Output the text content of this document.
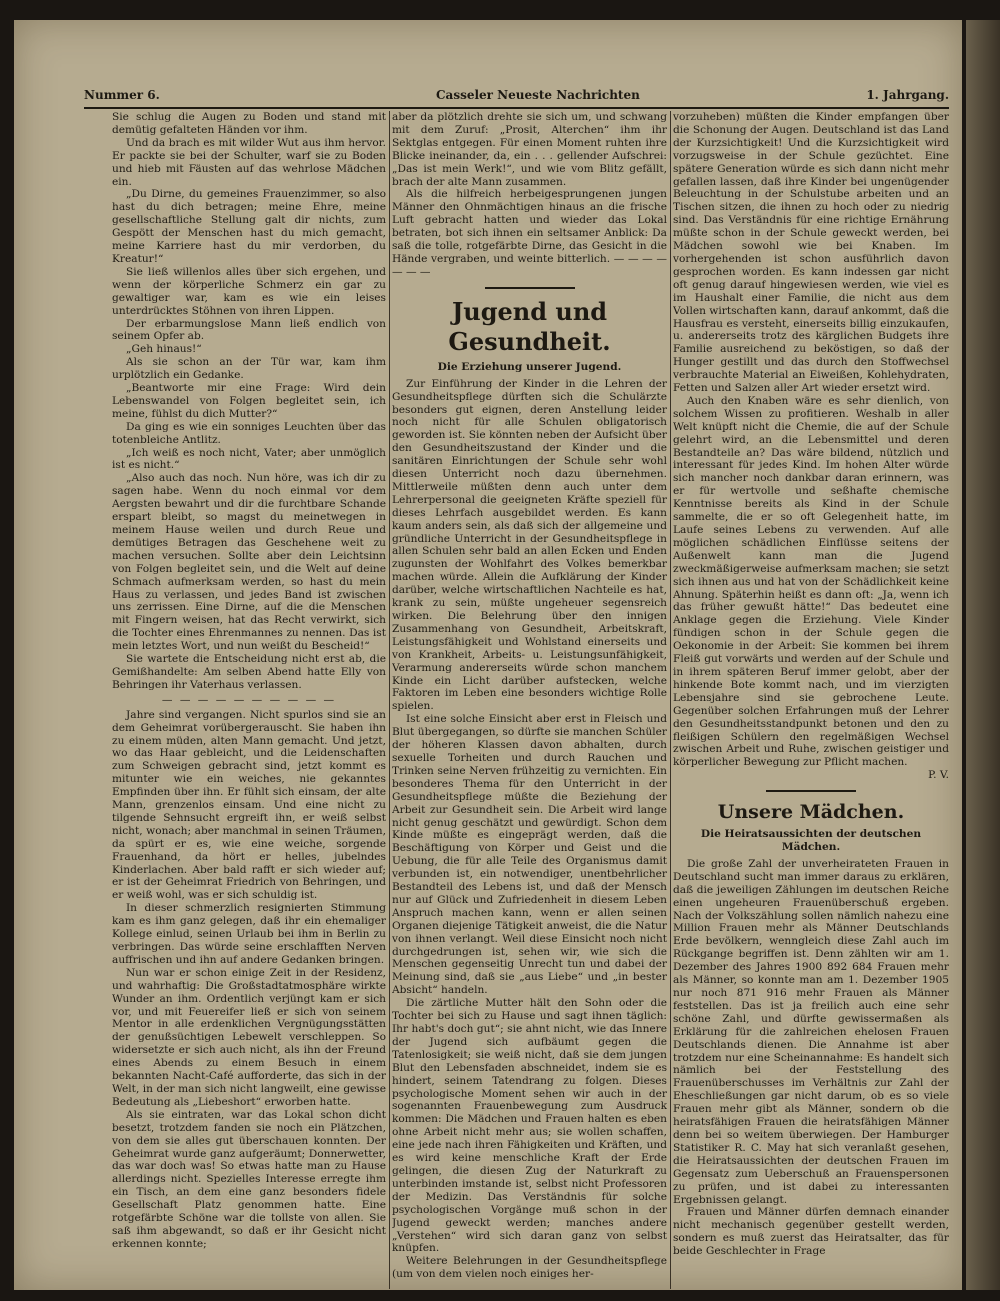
Nummer 6.	Casseler Neueste Nachrichten	1. Jahrgang.

Sie schlug die Augen zu Boden und stand mit demütig gefalteten Händen vor ihm.

Und da brach es mit wilder Wut aus ihm hervor. Er packte sie bei der Schulter, warf sie zu Boden und hieb mit Fäusten auf das wehrlose Mädchen ein.

„Du Dirne, du gemeines Frauenzimmer, so also hast du dich betragen; meine Ehre, meine gesellschaftliche Stellung galt dir nichts, zum Gespött der Menschen hast du mich gemacht, meine Karriere hast du mir verdorben, du Kreatur!“

Sie ließ willenlos alles über sich ergehen, und wenn der körperliche Schmerz ein gar zu gewaltiger war, kam es wie ein leises unterdrücktes Stöhnen von ihren Lippen.

Der erbarmungslose Mann ließ endlich von seinem Opfer ab.

„Geh hinaus!“

Als sie schon an der Tür war, kam ihm urplötzlich ein Gedanke.

„Beantworte mir eine Frage: Wird dein Lebenswandel von Folgen begleitet sein, ich meine, fühlst du dich Mutter?“

Da ging es wie ein sonniges Leuchten über das totenbleiche Antlitz.

„Ich weiß es noch nicht, Vater; aber unmöglich ist es nicht.“

„Also auch das noch. Nun höre, was ich dir zu sagen habe. Wenn du noch einmal vor dem Aergsten bewahrt und dir die furchtbare Schande erspart bleibt, so magst du meinetwegen in meinem Hause weilen und durch Reue und demütiges Betragen das Geschehene weit zu machen versuchen. Sollte aber dein Leichtsinn von Folgen begleitet sein, und die Welt auf deine Schmach aufmerksam werden, so hast du mein Haus zu verlassen, und jedes Band ist zwischen uns zerrissen. Eine Dirne, auf die die Menschen mit Fingern weisen, hat das Recht verwirkt, sich die Tochter eines Ehrenmannes zu nennen. Das ist mein letztes Wort, und nun weißt du Bescheid!“

Sie wartete die Entscheidung nicht erst ab, die Gemißhandelte: Am selben Abend hatte Elly von Behringen ihr Vaterhaus verlassen.

— — — — — — — — — —

Jahre sind vergangen. Nicht spurlos sind sie an dem Geheimrat vorübergerauscht. Sie haben ihn zu einem müden, alten Mann gemacht. Und jetzt, wo das Haar gebleicht, und die Leidenschaften zum Schweigen gebracht sind, jetzt kommt es mitunter wie ein weiches, nie gekanntes Empfinden über ihn. Er fühlt sich einsam, der alte Mann, grenzenlos einsam. Und eine nicht zu tilgende Sehnsucht ergreift ihn, er weiß selbst nicht, wonach; aber manchmal in seinen Träumen, da spürt er es, wie eine weiche, sorgende Frauenhand, da hört er helles, jubelndes Kinderlachen. Aber bald rafft er sich wieder auf; er ist der Geheimrat Friedrich von Behringen, und er weiß wohl, was er sich schuldig ist.

In dieser schmerzlich resignierten Stimmung kam es ihm ganz gelegen, daß ihr ein ehemaliger Kollege einlud, seinen Urlaub bei ihm in Berlin zu verbringen. Das würde seine erschlafften Nerven auffrischen und ihn auf andere Gedanken bringen.

Nun war er schon einige Zeit in der Residenz, und wahrhaftig: Die Großstadtatmosphäre wirkte Wunder an ihm. Ordentlich verjüngt kam er sich vor, und mit Feuereifer ließ er sich von seinem Mentor in alle erdenklichen Vergnügungsstätten der genußsüchtigen Lebewelt verschleppen. So widersetzte er sich auch nicht, als ihn der Freund eines Abends zu einem Besuch in einem bekannten Nacht-Café aufforderte, das sich in der Welt, in der man sich nicht langweilt, eine gewisse Bedeutung als „Liebeshort“ erworben hatte.

Als sie eintraten, war das Lokal schon dicht besetzt, trotzdem fanden sie noch ein Plätzchen, von dem sie alles gut überschauen konnten. Der Geheimrat wurde ganz aufgeräumt; Donnerwetter, das war doch was! So etwas hatte man zu Hause allerdings nicht. Spezielles Interesse erregte ihm ein Tisch, an dem eine ganz besonders fidele Gesellschaft Platz genommen hatte. Eine rotgefärbte Schöne war die tollste von allen. Sie saß ihm abgewandt, so daß er ihr Gesicht nicht erkennen konnte;

aber da plötzlich drehte sie sich um, und schwang mit dem Zuruf: „Prosit, Alterchen“ ihm ihr Sektglas entgegen. Für einen Moment ruhten ihre Blicke ineinander, da, ein . . . gellender Aufschrei: „Das ist mein Werk!“, und wie vom Blitz gefällt, brach der alte Mann zusammen.

Als die hilfreich herbeigesprungenen jungen Männer den Ohnmächtigen hinaus an die frische Luft gebracht hatten und wieder das Lokal betraten, bot sich ihnen ein seltsamer Anblick: Da saß die tolle, rotgefärbte Dirne, das Gesicht in die Hände vergraben, und weinte bitterlich. — — — — — — —

Jugend und Gesundheit.
Die Erziehung unserer Jugend.

Zur Einführung der Kinder in die Lehren der Gesundheitspflege dürften sich die Schulärzte besonders gut eignen, deren Anstellung leider noch nicht für alle Schulen obligatorisch geworden ist. Sie könnten neben der Aufsicht über den Gesundheitszustand der Kinder und die sanitären Einrichtungen der Schule sehr wohl diesen Unterricht noch dazu übernehmen. Mittlerweile müßten denn auch unter dem Lehrerpersonal die geeigneten Kräfte speziell für dieses Lehrfach ausgebildet werden. Es kann kaum anders sein, als daß sich der allgemeine und gründliche Unterricht in der Gesundheitspflege in allen Schulen sehr bald an allen Ecken und Enden zugunsten der Wohlfahrt des Volkes bemerkbar machen würde. Allein die Aufklärung der Kinder darüber, welche wirtschaftlichen Nachteile es hat, krank zu sein, müßte ungeheuer segensreich wirken. Die Belehrung über den innigen Zusammenhang von Gesundheit, Arbeitskraft, Leistungsfähigkeit und Wohlstand einerseits und von Krankheit, Arbeits- u. Leistungsunfähigkeit, Verarmung andererseits würde schon manchem Kinde ein Licht darüber aufstecken, welche Faktoren im Leben eine besonders wichtige Rolle spielen.

Ist eine solche Einsicht aber erst in Fleisch und Blut übergegangen, so dürfte sie manchen Schüler der höheren Klassen davon abhalten, durch sexuelle Torheiten und durch Rauchen und Trinken seine Nerven frühzeitig zu vernichten. Ein besonderes Thema für den Unterricht in der Gesundheitspflege müßte die Beziehung der Arbeit zur Gesundheit sein. Die Arbeit wird lange nicht genug geschätzt und gewürdigt. Schon dem Kinde müßte es eingeprägt werden, daß die Beschäftigung von Körper und Geist und die Uebung, die für alle Teile des Organismus damit verbunden ist, ein notwendiger, unentbehrlicher Bestandteil des Lebens ist, und daß der Mensch nur auf Glück und Zufriedenheit in diesem Leben Anspruch machen kann, wenn er allen seinen Organen diejenige Tätigkeit anweist, die die Natur von ihnen verlangt. Weil diese Einsicht noch nicht durchgedrungen ist, sehen wir, wie sich die Menschen gegenseitig Unrecht tun und dabei der Meinung sind, daß sie „aus Liebe“ und „in bester Absicht“ handeln.

Die zärtliche Mutter hält den Sohn oder die Tochter bei sich zu Hause und sagt ihnen täglich: Ihr habt's doch gut“; sie ahnt nicht, wie das Innere der Jugend sich aufbäumt gegen die Tatenlosigkeit; sie weiß nicht, daß sie dem jungen Blut den Lebensfaden abschneidet, indem sie es hindert, seinem Tatendrang zu folgen. Dieses psychologische Moment sehen wir auch in der sogenannten Frauenbewegung zum Ausdruck kommen: Die Mädchen und Frauen halten es eben ohne Arbeit nicht mehr aus; sie wollen schaffen, eine jede nach ihren Fähigkeiten und Kräften, und es wird keine menschliche Kraft der Erde gelingen, die diesen Zug der Naturkraft zu unterbinden imstande ist, selbst nicht Professoren der Medizin. Das Verständnis für solche psychologischen Vorgänge muß schon in der Jugend geweckt werden; manches andere „Verstehen“ wird sich daran ganz von selbst knüpfen.

Weitere Belehrungen in der Gesundheitspflege (um von dem vielen noch einiges her-

vorzuheben) müßten die Kinder empfangen über die Schonung der Augen. Deutschland ist das Land der Kurzsichtigkeit! Und die Kurzsichtigkeit wird vorzugsweise in der Schule gezüchtet. Eine spätere Generation würde es sich dann nicht mehr gefallen lassen, daß ihre Kinder bei ungenügender Beleuchtung in der Schulstube arbeiten und an Tischen sitzen, die ihnen zu hoch oder zu niedrig sind. Das Verständnis für eine richtige Ernährung müßte schon in der Schule geweckt werden, bei Mädchen sowohl wie bei Knaben. Im vorhergehenden ist schon ausführlich davon gesprochen worden. Es kann indessen gar nicht oft genug darauf hingewiesen werden, wie viel es im Haushalt einer Familie, die nicht aus dem Vollen wirtschaften kann, darauf ankommt, daß die Hausfrau es versteht, einerseits billig einzukaufen, u. andererseits trotz des kärglichen Budgets ihre Familie ausreichend zu beköstigen, so daß der Hunger gestillt und das durch den Stoffwechsel verbrauchte Material an Eiweißen, Kohlehydraten, Fetten und Salzen aller Art wieder ersetzt wird.

Auch den Knaben wäre es sehr dienlich, von solchem Wissen zu profitieren. Weshalb in aller Welt knüpft nicht die Chemie, die auf der Schule gelehrt wird, an die Lebensmittel und deren Bestandteile an? Das wäre bildend, nützlich und interessant für jedes Kind. Im hohen Alter würde sich mancher noch dankbar daran erinnern, was er für wertvolle und seßhafte chemische Kenntnisse bereits als Kind in der Schule sammelte, die er so oft Gelegenheit hatte, im Laufe seines Lebens zu verwenden. Auf alle möglichen schädlichen Einflüsse seitens der Außenwelt kann man die Jugend zweckmäßigerweise aufmerksam machen; sie setzt sich ihnen aus und hat von der Schädlichkeit keine Ahnung. Späterhin heißt es dann oft: „Ja, wenn ich das früher gewußt hätte!“ Das bedeutet eine Anklage gegen die Erziehung. Viele Kinder fündigen schon in der Schule gegen die Oekonomie in der Arbeit: Sie kommen bei ihrem Fleiß gut vorwärts und werden auf der Schule und in ihrem späteren Beruf immer gelobt, aber der hinkende Bote kommt nach, und im vierzigten Lebensjahre sind sie gebrochene Leute. Gegenüber solchen Erfahrungen muß der Lehrer den Gesundheitsstandpunkt betonen und den zu fleißigen Schülern den regelmäßigen Wechsel zwischen Arbeit und Ruhe, zwischen geistiger und körperlicher Bewegung zur Pflicht machen.

P. V.
Unsere Mädchen.
Die Heiratsaussichten der deutschen Mädchen.

Die große Zahl der unverheirateten Frauen in Deutschland sucht man immer daraus zu erklären, daß die jeweiligen Zählungen im deutschen Reiche einen ungeheuren Frauenüberschuß ergeben. Nach der Volkszählung sollen nämlich nahezu eine Million Frauen mehr als Männer Deutschlands Erde bevölkern, wenngleich diese Zahl auch im Rückgange begriffen ist. Denn zählten wir am 1. Dezember des Jahres 1900 892 684 Frauen mehr als Männer, so konnte man am 1. Dezember 1905 nur noch 871 916 mehr Frauen als Männer feststellen. Das ist ja freilich auch eine sehr schöne Zahl, und dürfte gewissermaßen als Erklärung für die zahlreichen ehelosen Frauen Deutschlands dienen. Die Annahme ist aber trotzdem nur eine Scheinannahme: Es handelt sich nämlich bei der Feststellung des Frauenüberschusses im Verhältnis zur Zahl der Eheschließungen gar nicht darum, ob es so viele Frauen mehr gibt als Männer, sondern ob die heiratsfähigen Frauen die heiratsfähigen Männer denn bei so weitem überwiegen. Der Hamburger Statistiker R. C. May hat sich veranlaßt gesehen, die Heiratsaussichten der deutschen Frauen im Gegensatz zum Ueberschuß an Frauenspersonen zu prüfen, und ist dabei zu interessanten Ergebnissen gelangt.

Frauen und Männer dürfen demnach einander nicht mechanisch gegenüber gestellt werden, sondern es muß zuerst das Heiratsalter, das für beide Geschlechter in Frage
